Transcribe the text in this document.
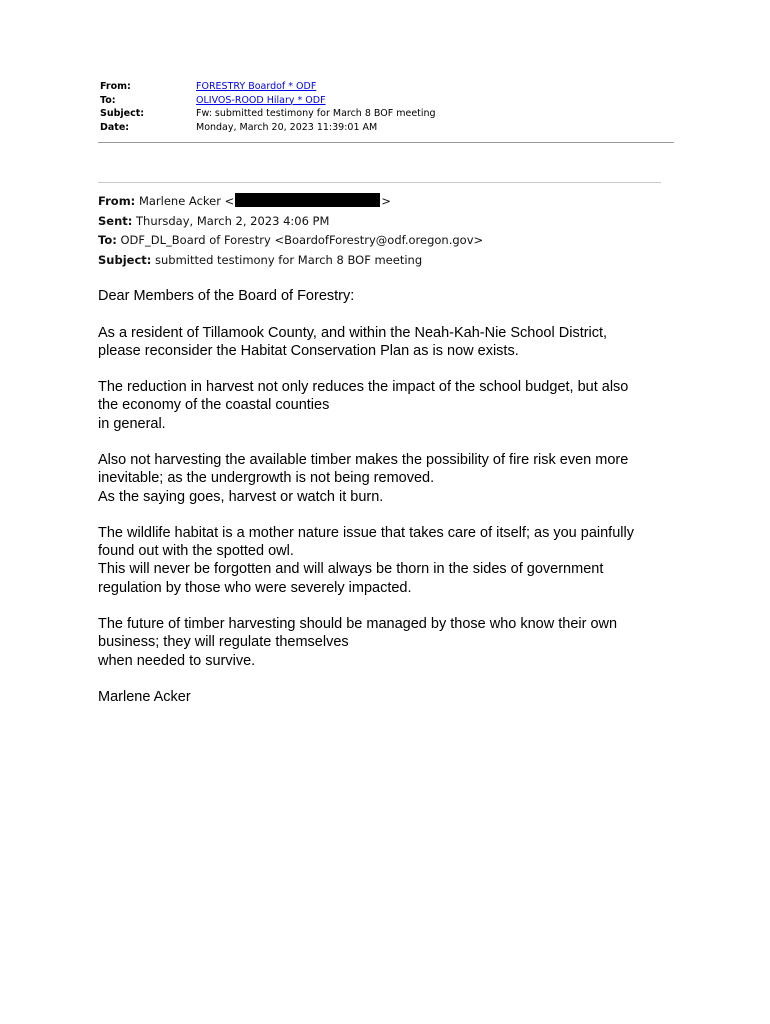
From:	FORESTRY Boardof * ODF
To:	OLIVOS-ROOD Hilary * ODF
Subject:	Fw: submitted testimony for March 8 BOF meeting
Date:	Monday, March 20, 2023 11:39:01 AM
From: Marlene Acker <	>
Sent: Thursday, March 2, 2023 4:06 PM
To: ODF_DL_Board of Forestry <BoardofForestry@odf.oregon.gov>
Subject: submitted testimony for March 8 BOF meeting

Dear Members of the Board of Forestry:

As a resident of Tillamook County, and within the Neah-Kah-Nie School District,
please reconsider the Habitat Conservation Plan as is now exists.

The reduction in harvest not only reduces the impact of the school budget, but also
the economy of the coastal counties
in general.

Also not harvesting the available timber makes the possibility of fire risk even more
inevitable; as the undergrowth is not being removed.
As the saying goes, harvest or watch it burn.

The wildlife habitat is a mother nature issue that takes care of itself; as you painfully
found out with the spotted owl.
This will never be forgotten and will always be thorn in the sides of government
regulation by those who were severely impacted.

The future of timber harvesting should be managed by those who know their own
business; they will regulate themselves
when needed to survive.

Marlene Acker
